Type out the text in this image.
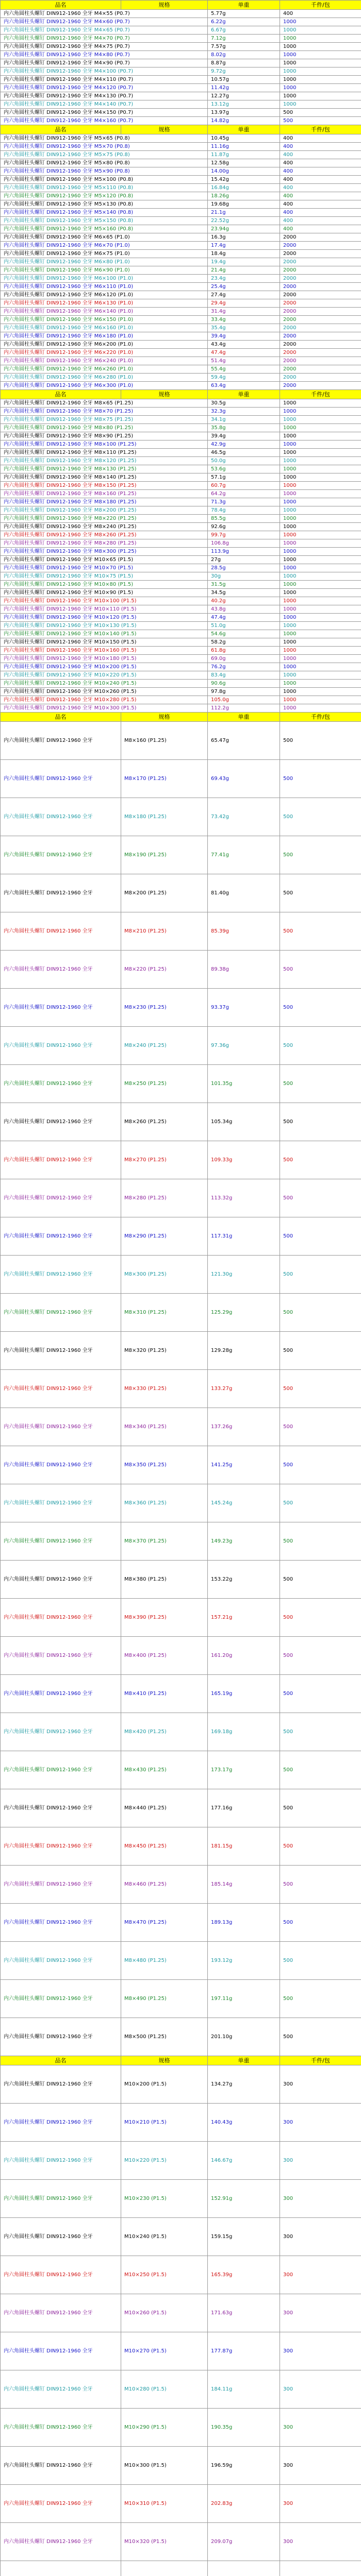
品名	规格	单重	千件/包
内六角圆柱头螺钉 DIN912-1960 全牙 M4×55 (P0.7)		5.77g	400
内六角圆柱头螺钉 DIN912-1960 全牙 M4×60 (P0.7)		6.22g	1000
内六角圆柱头螺钉 DIN912-1960 全牙 M4×65 (P0.7)		6.67g	1000
内六角圆柱头螺钉 DIN912-1960 全牙 M4×70 (P0.7)		7.12g	1000
内六角圆柱头螺钉 DIN912-1960 全牙 M4×75 (P0.7)		7.57g	1000
内六角圆柱头螺钉 DIN912-1960 全牙 M4×80 (P0.7)		8.02g	1000
内六角圆柱头螺钉 DIN912-1960 全牙 M4×90 (P0.7)		8.87g	1000
内六角圆柱头螺钉 DIN912-1960 全牙 M4×100 (P0.7)		9.72g	1000
内六角圆柱头螺钉 DIN912-1960 全牙 M4×110 (P0.7)		10.57g	1000
内六角圆柱头螺钉 DIN912-1960 全牙 M4×120 (P0.7)		11.42g	1000
内六角圆柱头螺钉 DIN912-1960 全牙 M4×130 (P0.7)		12.27g	1000
内六角圆柱头螺钉 DIN912-1960 全牙 M4×140 (P0.7)		13.12g	1000
内六角圆柱头螺钉 DIN912-1960 全牙 M4×150 (P0.7)		13.97g	500
内六角圆柱头螺钉 DIN912-1960 全牙 M4×160 (P0.7)		14.82g	500
品名	规格	单重	千件/包
内六角圆柱头螺钉 DIN912-1960 全牙 M5×65 (P0.8)		10.45g	400
内六角圆柱头螺钉 DIN912-1960 全牙 M5×70 (P0.8)		11.16g	400
内六角圆柱头螺钉 DIN912-1960 全牙 M5×75 (P0.8)		11.87g	400
内六角圆柱头螺钉 DIN912-1960 全牙 M5×80 (P0.8)		12.58g	400
内六角圆柱头螺钉 DIN912-1960 全牙 M5×90 (P0.8)		14.00g	400
内六角圆柱头螺钉 DIN912-1960 全牙 M5×100 (P0.8)		15.42g	400
内六角圆柱头螺钉 DIN912-1960 全牙 M5×110 (P0.8)		16.84g	400
内六角圆柱头螺钉 DIN912-1960 全牙 M5×120 (P0.8)		18.26g	400
内六角圆柱头螺钉 DIN912-1960 全牙 M5×130 (P0.8)		19.68g	400
内六角圆柱头螺钉 DIN912-1960 全牙 M5×140 (P0.8)		21.1g	400
内六角圆柱头螺钉 DIN912-1960 全牙 M5×150 (P0.8)		22.52g	400
内六角圆柱头螺钉 DIN912-1960 全牙 M5×160 (P0.8)		23.94g	400
内六角圆柱头螺钉 DIN912-1960 全牙 M6×65 (P1.0)		16.3g	2000
内六角圆柱头螺钉 DIN912-1960 全牙 M6×70 (P1.0)		17.4g	2000
内六角圆柱头螺钉 DIN912-1960 全牙 M6×75 (P1.0)		18.4g	2000
内六角圆柱头螺钉 DIN912-1960 全牙 M6×80 (P1.0)		19.4g	2000
内六角圆柱头螺钉 DIN912-1960 全牙 M6×90 (P1.0)		21.4g	2000
内六角圆柱头螺钉 DIN912-1960 全牙 M6×100 (P1.0)		23.4g	2000
内六角圆柱头螺钉 DIN912-1960 全牙 M6×110 (P1.0)		25.4g	2000
内六角圆柱头螺钉 DIN912-1960 全牙 M6×120 (P1.0)		27.4g	2000
内六角圆柱头螺钉 DIN912-1960 全牙 M6×130 (P1.0)		29.4g	2000
内六角圆柱头螺钉 DIN912-1960 全牙 M6×140 (P1.0)		31.4g	2000
内六角圆柱头螺钉 DIN912-1960 全牙 M6×150 (P1.0)		33.4g	2000
内六角圆柱头螺钉 DIN912-1960 全牙 M6×160 (P1.0)		35.4g	2000
内六角圆柱头螺钉 DIN912-1960 全牙 M6×180 (P1.0)		39.4g	2000
内六角圆柱头螺钉 DIN912-1960 全牙 M6×200 (P1.0)		43.4g	2000
内六角圆柱头螺钉 DIN912-1960 全牙 M6×220 (P1.0)		47.4g	2000
内六角圆柱头螺钉 DIN912-1960 全牙 M6×240 (P1.0)		51.4g	2000
内六角圆柱头螺钉 DIN912-1960 全牙 M6×260 (P1.0)		55.4g	2000
内六角圆柱头螺钉 DIN912-1960 全牙 M6×280 (P1.0)		59.4g	2000
内六角圆柱头螺钉 DIN912-1960 全牙 M6×300 (P1.0)		63.4g	2000
品名	规格	单重	千件/包
内六角圆柱头螺钉 DIN912-1960 全牙 M8×65 (P1.25)		30.5g	1000
内六角圆柱头螺钉 DIN912-1960 全牙 M8×70 (P1.25)		32.3g	1000
内六角圆柱头螺钉 DIN912-1960 全牙 M8×75 (P1.25)		34.1g	1000
内六角圆柱头螺钉 DIN912-1960 全牙 M8×80 (P1.25)		35.8g	1000
内六角圆柱头螺钉 DIN912-1960 全牙 M8×90 (P1.25)		39.4g	1000
内六角圆柱头螺钉 DIN912-1960 全牙 M8×100 (P1.25)		42.9g	1000
内六角圆柱头螺钉 DIN912-1960 全牙 M8×110 (P1.25)		46.5g	1000
内六角圆柱头螺钉 DIN912-1960 全牙 M8×120 (P1.25)		50.0g	1000
内六角圆柱头螺钉 DIN912-1960 全牙 M8×130 (P1.25)		53.6g	1000
内六角圆柱头螺钉 DIN912-1960 全牙 M8×140 (P1.25)		57.1g	1000
内六角圆柱头螺钉 DIN912-1960 全牙 M8×150 (P1.25)		60.7g	1000
内六角圆柱头螺钉 DIN912-1960 全牙 M8×160 (P1.25)		64.2g	1000
内六角圆柱头螺钉 DIN912-1960 全牙 M8×180 (P1.25)		71.3g	1000
内六角圆柱头螺钉 DIN912-1960 全牙 M8×200 (P1.25)		78.4g	1000
内六角圆柱头螺钉 DIN912-1960 全牙 M8×220 (P1.25)		85.5g	1000
内六角圆柱头螺钉 DIN912-1960 全牙 M8×240 (P1.25)		92.6g	1000
内六角圆柱头螺钉 DIN912-1960 全牙 M8×260 (P1.25)		99.7g	1000
内六角圆柱头螺钉 DIN912-1960 全牙 M8×280 (P1.25)		106.8g	1000
内六角圆柱头螺钉 DIN912-1960 全牙 M8×300 (P1.25)		113.9g	1000
内六角圆柱头螺钉 DIN912-1960 全牙 M10×65 (P1.5)		27g	1000
内六角圆柱头螺钉 DIN912-1960 全牙 M10×70 (P1.5)		28.5g	1000
内六角圆柱头螺钉 DIN912-1960 全牙 M10×75 (P1.5)		30g	1000
内六角圆柱头螺钉 DIN912-1960 全牙 M10×80 (P1.5)		31.5g	1000
内六角圆柱头螺钉 DIN912-1960 全牙 M10×90 (P1.5)		34.5g	1000
内六角圆柱头螺钉 DIN912-1960 全牙 M10×100 (P1.5)		40.2g	1000
内六角圆柱头螺钉 DIN912-1960 全牙 M10×110 (P1.5)		43.8g	1000
内六角圆柱头螺钉 DIN912-1960 全牙 M10×120 (P1.5)		47.4g	1000
内六角圆柱头螺钉 DIN912-1960 全牙 M10×130 (P1.5)		51.0g	1000
内六角圆柱头螺钉 DIN912-1960 全牙 M10×140 (P1.5)		54.6g	1000
内六角圆柱头螺钉 DIN912-1960 全牙 M10×150 (P1.5)		58.2g	1000
内六角圆柱头螺钉 DIN912-1960 全牙 M10×160 (P1.5)		61.8g	1000
内六角圆柱头螺钉 DIN912-1960 全牙 M10×180 (P1.5)		69.0g	1000
内六角圆柱头螺钉 DIN912-1960 全牙 M10×200 (P1.5)		76.2g	1000
内六角圆柱头螺钉 DIN912-1960 全牙 M10×220 (P1.5)		83.4g	1000
内六角圆柱头螺钉 DIN912-1960 全牙 M10×240 (P1.5)		90.6g	1000
内六角圆柱头螺钉 DIN912-1960 全牙 M10×260 (P1.5)		97.8g	1000
内六角圆柱头螺钉 DIN912-1960 全牙 M10×280 (P1.5)		105.0g	1000
内六角圆柱头螺钉 DIN912-1960 全牙 M10×300 (P1.5)		112.2g	1000
品名	规格	单重	千件/包
内六角圆柱头螺钉 DIN912-1960 全牙	M8×160 (P1.25)	65.47g	500
内六角圆柱头螺钉 DIN912-1960 全牙	M8×170 (P1.25)	69.43g	500
内六角圆柱头螺钉 DIN912-1960 全牙	M8×180 (P1.25)	73.42g	500
内六角圆柱头螺钉 DIN912-1960 全牙	M8×190 (P1.25)	77.41g	500
内六角圆柱头螺钉 DIN912-1960 全牙	M8×200 (P1.25)	81.40g	500
内六角圆柱头螺钉 DIN912-1960 全牙	M8×210 (P1.25)	85.39g	500
内六角圆柱头螺钉 DIN912-1960 全牙	M8×220 (P1.25)	89.38g	500
内六角圆柱头螺钉 DIN912-1960 全牙	M8×230 (P1.25)	93.37g	500
内六角圆柱头螺钉 DIN912-1960 全牙	M8×240 (P1.25)	97.36g	500
内六角圆柱头螺钉 DIN912-1960 全牙	M8×250 (P1.25)	101.35g	500
内六角圆柱头螺钉 DIN912-1960 全牙	M8×260 (P1.25)	105.34g	500
内六角圆柱头螺钉 DIN912-1960 全牙	M8×270 (P1.25)	109.33g	500
内六角圆柱头螺钉 DIN912-1960 全牙	M8×280 (P1.25)	113.32g	500
内六角圆柱头螺钉 DIN912-1960 全牙	M8×290 (P1.25)	117.31g	500
内六角圆柱头螺钉 DIN912-1960 全牙	M8×300 (P1.25)	121.30g	500
内六角圆柱头螺钉 DIN912-1960 全牙	M8×310 (P1.25)	125.29g	500
内六角圆柱头螺钉 DIN912-1960 全牙	M8×320 (P1.25)	129.28g	500
内六角圆柱头螺钉 DIN912-1960 全牙	M8×330 (P1.25)	133.27g	500
内六角圆柱头螺钉 DIN912-1960 全牙	M8×340 (P1.25)	137.26g	500
内六角圆柱头螺钉 DIN912-1960 全牙	M8×350 (P1.25)	141.25g	500
内六角圆柱头螺钉 DIN912-1960 全牙	M8×360 (P1.25)	145.24g	500
内六角圆柱头螺钉 DIN912-1960 全牙	M8×370 (P1.25)	149.23g	500
内六角圆柱头螺钉 DIN912-1960 全牙	M8×380 (P1.25)	153.22g	500
内六角圆柱头螺钉 DIN912-1960 全牙	M8×390 (P1.25)	157.21g	500
内六角圆柱头螺钉 DIN912-1960 全牙	M8×400 (P1.25)	161.20g	500
内六角圆柱头螺钉 DIN912-1960 全牙	M8×410 (P1.25)	165.19g	500
内六角圆柱头螺钉 DIN912-1960 全牙	M8×420 (P1.25)	169.18g	500
内六角圆柱头螺钉 DIN912-1960 全牙	M8×430 (P1.25)	173.17g	500
内六角圆柱头螺钉 DIN912-1960 全牙	M8×440 (P1.25)	177.16g	500
内六角圆柱头螺钉 DIN912-1960 全牙	M8×450 (P1.25)	181.15g	500
内六角圆柱头螺钉 DIN912-1960 全牙	M8×460 (P1.25)	185.14g	500
内六角圆柱头螺钉 DIN912-1960 全牙	M8×470 (P1.25)	189.13g	500
内六角圆柱头螺钉 DIN912-1960 全牙	M8×480 (P1.25)	193.12g	500
内六角圆柱头螺钉 DIN912-1960 全牙	M8×490 (P1.25)	197.11g	500
内六角圆柱头螺钉 DIN912-1960 全牙	M8×500 (P1.25)	201.10g	500
品名	规格	单重	千件/包
内六角圆柱头螺钉 DIN912-1960 全牙	M10×200 (P1.5)	134.27g	300
内六角圆柱头螺钉 DIN912-1960 全牙	M10×210 (P1.5)	140.43g	300
内六角圆柱头螺钉 DIN912-1960 全牙	M10×220 (P1.5)	146.67g	300
内六角圆柱头螺钉 DIN912-1960 全牙	M10×230 (P1.5)	152.91g	300
内六角圆柱头螺钉 DIN912-1960 全牙	M10×240 (P1.5)	159.15g	300
内六角圆柱头螺钉 DIN912-1960 全牙	M10×250 (P1.5)	165.39g	300
内六角圆柱头螺钉 DIN912-1960 全牙	M10×260 (P1.5)	171.63g	300
内六角圆柱头螺钉 DIN912-1960 全牙	M10×270 (P1.5)	177.87g	300
内六角圆柱头螺钉 DIN912-1960 全牙	M10×280 (P1.5)	184.11g	300
内六角圆柱头螺钉 DIN912-1960 全牙	M10×290 (P1.5)	190.35g	300
内六角圆柱头螺钉 DIN912-1960 全牙	M10×300 (P1.5)	196.59g	300
内六角圆柱头螺钉 DIN912-1960 全牙	M10×310 (P1.5)	202.83g	300
内六角圆柱头螺钉 DIN912-1960 全牙	M10×320 (P1.5)	209.07g	300
